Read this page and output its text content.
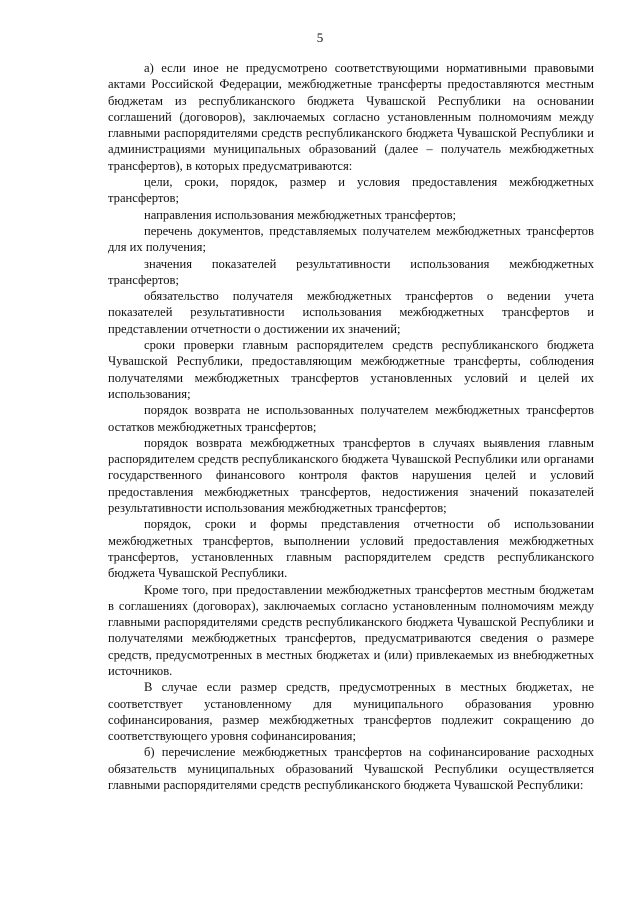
5

а) если иное не предусмотрено соответствующими нормативными правовыми актами Российской Федерации, межбюджетные трансферты предоставляются местным бюджетам из республиканского бюджета Чувашской Республики на основании соглашений (договоров), заключаемых согласно установленным полномочиям между главными распорядителями средств республиканского бюджета Чувашской Республики и администрациями муниципальных образований (далее – получатель межбюджетных трансфертов), в которых предусматриваются:

цели, сроки, порядок, размер и условия предоставления межбюджетных трансфертов;

направления использования межбюджетных трансфертов;

перечень документов, представляемых получателем межбюджетных трансфертов для их получения;

значения показателей результативности использования межбюджетных трансфертов;

обязательство получателя межбюджетных трансфертов о ведении учета показателей результативности использования межбюджетных трансфертов и представлении отчетности о достижении их значений;

сроки проверки главным распорядителем средств республиканского бюджета Чувашской Республики, предоставляющим межбюджетные трансферты, соблюдения получателями межбюджетных трансфертов установленных условий и целей их использования;

порядок возврата не использованных получателем межбюджетных трансфертов остатков межбюджетных трансфертов;

порядок возврата межбюджетных трансфертов в случаях выявления главным распорядителем средств республиканского бюджета Чувашской Республики или органами государственного финансового контроля фактов нарушения целей и условий предоставления межбюджетных трансфертов, недостижения значений показателей результативности использования межбюджетных трансфертов;

порядок, сроки и формы представления отчетности об использовании межбюджетных трансфертов, выполнении условий предоставления межбюджетных трансфертов, установленных главным распорядителем средств республиканского бюджета Чувашской Республики.

Кроме того, при предоставлении межбюджетных трансфертов местным бюджетам в соглашениях (договорах), заключаемых согласно установленным полномочиям между главными распорядителями средств республиканского бюджета Чувашской Республики и получателями межбюджетных трансфертов, предусматриваются сведения о размере средств, предусмотренных в местных бюджетах и (или) привлекаемых из внебюджетных источников.

В случае если размер средств, предусмотренных в местных бюджетах, не соответствует установленному для муниципального образования уровню софинансирования, размер межбюджетных трансфертов подлежит сокращению до соответствующего уровня софинансирования;

б) перечисление межбюджетных трансфертов на софинансирование расходных обязательств муниципальных образований Чувашской Республики осуществляется главными распорядителями средств республиканского бюджета Чувашской Республики:
